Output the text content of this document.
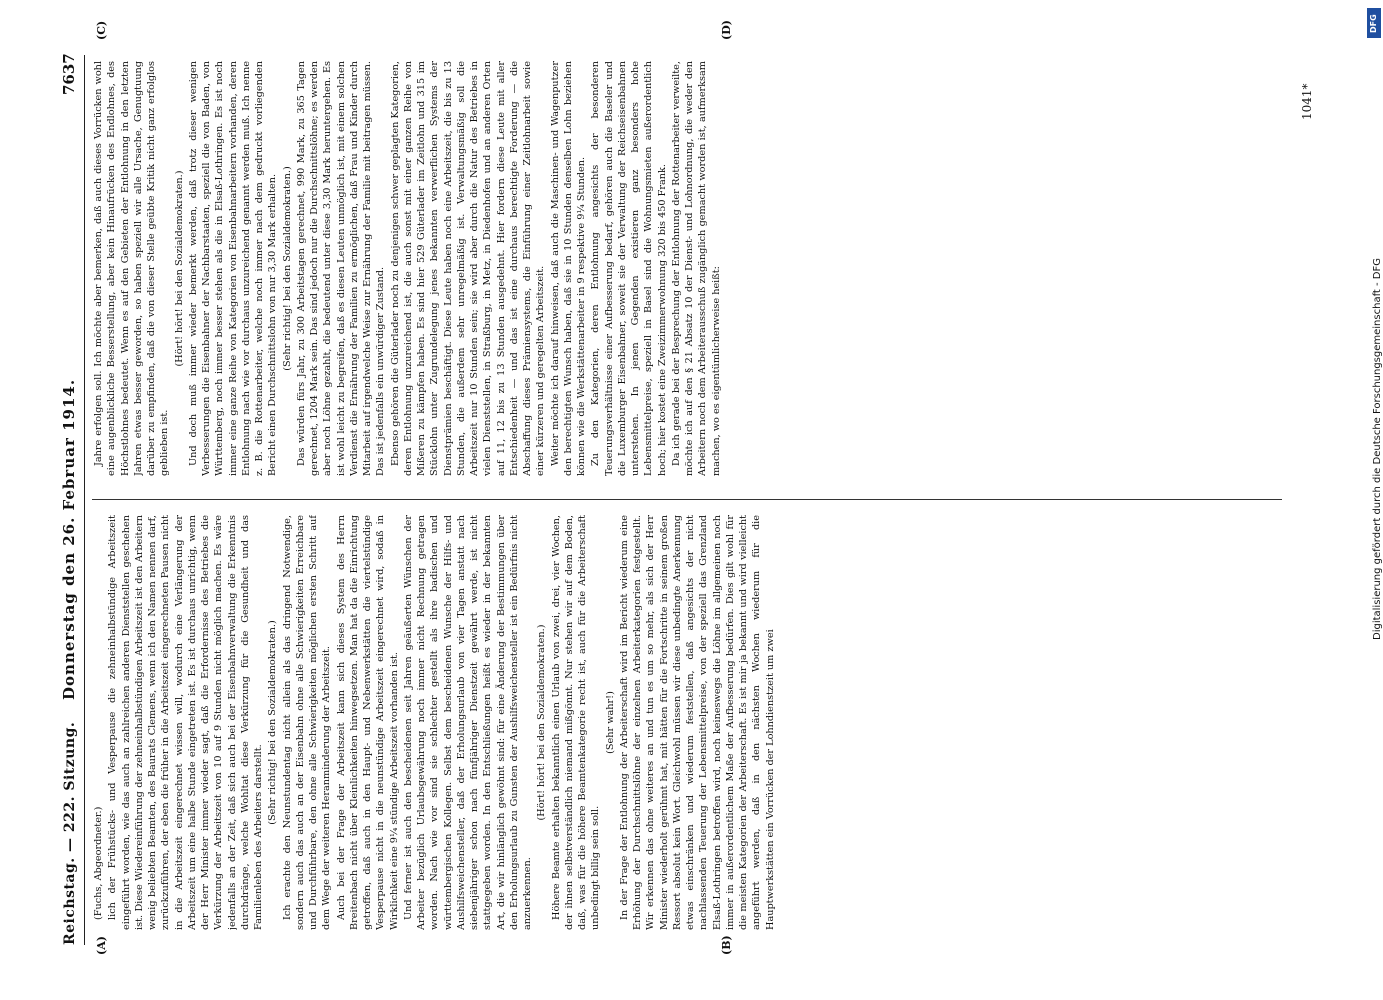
Reichstag. — 222. Sitzung.
Donnerstag den 26. Februar 1914.
7637
(A)	(B)
(C)	(D)

(Fuchs, Abgeordneter.) lich der Frühstücks- und Vesperpause die zehneinhalbstündige Arbeitszeit eingeführt worden, wie das auch an zahlreichen anderen Dienststellen geschehen ist. Diese Wiedereinführung der zehneinhalbstündigen Arbeitszeit ist den Arbeitern wenig beliebten Beamten, des Baurats Clemens, wenn ich den Namen nennen darf, zurückzuführen, der eben die früher in die Arbeitszeit eingerechneten Pausen nicht in die Arbeitszeit eingerechnet wissen will, wodurch eine Verlängerung der Arbeitszeit um eine halbe Stunde eingetreten ist. Es ist durchaus unrichtig, wenn der Herr Minister immer wieder sagt, daß die Erfordernisse des Betriebes die Verkürzung der Arbeitszeit von 10 auf 9 Stunden nicht möglich machen. Es wäre jedenfalls an der Zeit, daß sich auch bei der Eisenbahnverwaltung die Erkenntnis durchdränge, welche Wohltat diese Verkürzung für die Gesundheit und das Familienleben des Arbeiters darstellt.

(Sehr richtig! bei den Sozialdemokraten.) Ich erachte den Neunstundentag nicht allein als das dringend Notwendige, sondern auch das auch an der Eisenbahn ohne alle Schwierigkeiten Erreichbare und Durchführbare, den ohne alle Schwierigkeiten möglichen ersten Schritt auf dem Wege der weiteren Heranminderung der Arbeitszeit. Auch bei der Frage der Arbeitszeit kann sich dieses System des Herrn Breitenbach nicht über Kleinlichkeiten hinwegsetzen. Man hat da die Einrichtung getroffen, daß auch in den Haupt- und Nebenwerkstätten die viertelstündige Vesperpause nicht in die neunstündige Arbeitszeit eingerechnet wird, sodaß in Wirklichkeit eine 9¼ stündige Arbeitszeit vorhanden ist. Und ferner ist auch den bescheidenen seit Jahren geäußerten Wünschen der Arbeiter bezüglich Urlaubsgewährung noch immer nicht Rechnung getragen worden. Nach wie vor sind sie schlechter gestellt als ihre badischen und württembergischen Kollegen. Selbst dem bescheidenen Wunsche der Hilfs- und Aushilfsweichensteller, daß der Erholungsurlaub von vier Tagen anstatt nach siebenjähriger schon nach fünfjähriger Dienstzeit gewährt werde, ist nicht stattgegeben worden. In den Entschließungen heißt es wieder in der bekannten Art, die wir hinlänglich gewöhnt sind: für eine Änderung der Bestimmungen über den Erholungsurlaub zu Gunsten der Aushilfsweichensteller ist ein Bedürfnis nicht anzuerkennen.

(Hört! hört! bei den Sozialdemokraten.) Höhere Beamte erhalten bekanntlich einen Urlaub von zwei, drei, vier Wochen, der ihnen selbstverständlich niemand mißgönnt. Nur stehen wir auf dem Boden, daß, was für die höhere Beamtenkategorie recht ist, auch für die Arbeiterschaft unbedingt billig sein soll.

(Sehr wahr!) In der Frage der Entlohnung der Arbeiterschaft wird im Bericht wiederum eine Erhöhung der Durchschnittslöhne der einzelnen Arbeiterkategorien festgestellt. Wir erkennen das ohne weiteres an und tun es um so mehr, als sich der Herr Minister wiederholt gerühmt hat, mit hätten für die Fortschritte in seinem großen Ressort absolut kein Wort. Gleichwohl müssen wir diese unbedingte Anerkennung etwas einschränken und wiederum feststellen, daß angesichts der nicht nachlassenden Teuerung der Lebensmittelpreise, von der speziell das Grenzland Elsaß-Lothringen betroffen wird, noch keineswegs die Löhne im allgemeinen noch immer in außerordentlichem Maße der Aufbesserung bedürfen. Dies gilt wohl für die meisten Kategorien der Arbeiterschaft. Es ist mir ja bekannt und wird vielleicht angeführt werden, daß in den nächsten Wochen wiederum für die Hauptwerkstätten ein Vorrücken der Lohndienstzeit um zwei

Jahre erfolgen soll. Ich möchte aber bemerken, daß auch dieses Vorrücken wohl eine augenblickliche Besserstellung, aber kein Hinaufrücken des Endlohnes, des Höchstlohnes bedeutet. Wenn es auf den Gebieten der Entlohnung in den letzten Jahren etwas besser geworden, so haben speziell wir alle Ursache, Genugtuung darüber zu empfinden, daß die von dieser Stelle geübte Kritik nicht ganz erfolglos geblieben ist.

(Hört! hört! bei den Sozialdemokraten.) Und doch muß immer wieder bemerkt werden, daß trotz dieser wenigen Verbesserungen die Eisenbahner der Nachbarstaaten, speziell die von Baden, von Württemberg, noch immer besser stehen als die in Elsaß-Lothringen. Es ist noch immer eine ganze Reihe von Kategorien von Eisenbahnarbeitern vorhanden, deren Entlohnung nach wie vor durchaus unzureichend genannt werden muß. Ich nenne z. B. die Rottenarbeiter, welche noch immer nach dem gedruckt vorliegenden Bericht einen Durchschnittslohn von nur 3,30 Mark erhalten. (Sehr richtig! bei den Sozialdemokraten.) Das würden fürs Jahr, zu 300 Arbeitstagen gerechnet, 990 Mark, zu 365 Tagen gerechnet, 1204 Mark sein. Das sind jedoch nur die Durchschnittslöhne; es werden aber noch Löhne gezahlt, die bedeutend unter diese 3,30 Mark heruntergehen. Es ist wohl leicht zu begreifen, daß es diesen Leuten unmöglich ist, mit einem solchen Verdienst die Ernährung der Familien zu ermöglichen, daß Frau und Kinder durch Mitarbeit auf irgendwelche Weise zur Ernährung der Familie mit beitragen müssen. Das ist jedenfalls ein unwürdiger Zustand. Ebenso gehören die Güterlader noch zu denjenigen schwer geplagten Kategorien, deren Entlohnung unzureichend ist, die auch sonst mit einer ganzen Reihe von Mißeren zu kämpfen haben. Es sind hier 529 Güterlader im Zeitlohn und 315 im Stücklohn unter Zugrundelegung jenes bekannten verwerflichen Systems der Dienstprämien beschäftigt. Diese Leute haben noch eine Arbeitszeit, die bis zu 13 Stunden, die außerdem sehr unregelmäßig ist. Verwaltungsmäßig soll die Arbeitszeit nur 10 Stunden sein; sie wird aber durch die Natur des Betriebes in vielen Dienststellen, in Straßburg, in Metz, in Diedenhofen und an anderen Orten auf 11, 12 bis zu 13 Stunden ausgedehnt. Hier fordern diese Leute mit aller Entschiedenheit — und das ist eine durchaus berechtigte Forderung — die Abschaffung dieses Prämiensystems, die Einführung einer Zeitlohnarbeit sowie einer kürzeren und geregelten Arbeitszeit. Weiter möchte ich darauf hinweisen, daß auch die Maschinen- und Wagenputzer den berechtigten Wunsch haben, daß sie in 10 Stunden denselben Lohn beziehen können wie die Werkstättenarbeiter in 9 respektive 9¼ Stunden. Zu den Kategorien, deren Entlohnung angesichts der besonderen Teuerungsverhältnisse einer Aufbesserung bedarf, gehören auch die Baseler und die Luxemburger Eisenbahner, soweit sie der Verwaltung der Reichseisenbahnen unterstehen. In jenen Gegenden existieren ganz besonders hohe Lebensmittelpreise, speziell in Basel sind die Wohnungsmieten außerordentlich hoch; hier kostet eine Zweizimmerwohnung 320 bis 450 Frank. Da ich gerade bei der Besprechung der Entlohnung der Rottenarbeiter verweilte, möchte ich auf den § 21 Absatz 10 der Dienst- und Lohnordnung, die weder den Arbeitern noch dem Arbeiterausschuß zugänglich gemacht worden ist, aufmerksam machen, wo es eigentümlicherweise heißt:

1041*
DFG
Digitalisierung gefördert durch die Deutsche Forschungsgemeinschaft - DFG
